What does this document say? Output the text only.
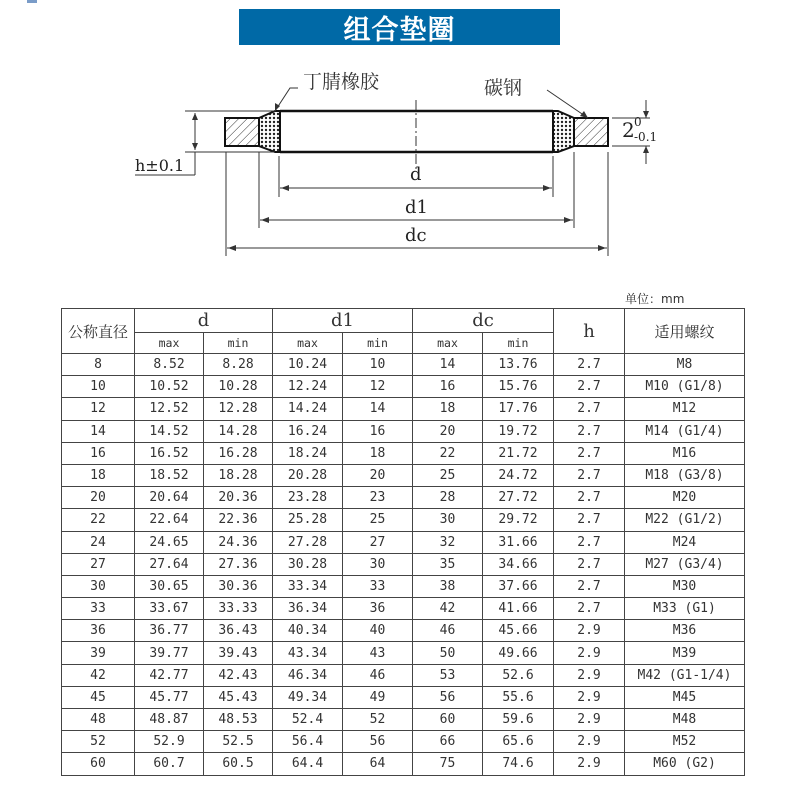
组合垫圈
丁腈橡胶	碳钢
h±0.1
2 0
-0.1
d
d1
dc
单位：mm
公称直径	d		d1		dc		h	适用螺纹
	max	min	max	min	max	min		
8	8.52	8.28	10.24	10	14	13.76	2.7	M8
10	10.52	10.28	12.24	12	16	15.76	2.7	M10 (G1/8)
12	12.52	12.28	14.24	14	18	17.76	2.7	M12
14	14.52	14.28	16.24	16	20	19.72	2.7	M14 (G1/4)
16	16.52	16.28	18.24	18	22	21.72	2.7	M16
18	18.52	18.28	20.28	20	25	24.72	2.7	M18 (G3/8)
20	20.64	20.36	23.28	23	28	27.72	2.7	M20
22	22.64	22.36	25.28	25	30	29.72	2.7	M22 (G1/2)
24	24.65	24.36	27.28	27	32	31.66	2.7	M24
27	27.64	27.36	30.28	30	35	34.66	2.7	M27 (G3/4)
30	30.65	30.36	33.34	33	38	37.66	2.7	M30
33	33.67	33.33	36.34	36	42	41.66	2.7	M33 (G1)
36	36.77	36.43	40.34	40	46	45.66	2.9	M36
39	39.77	39.43	43.34	43	50	49.66	2.9	M39
42	42.77	42.43	46.34	46	53	52.6	2.9	M42 (G1-1/4)
45	45.77	45.43	49.34	49	56	55.6	2.9	M45
48	48.87	48.53	52.4	52	60	59.6	2.9	M48
52	52.9	52.5	56.4	56	66	65.6	2.9	M52
60	60.7	60.5	64.4	64	75	74.6	2.9	M60 (G2)
